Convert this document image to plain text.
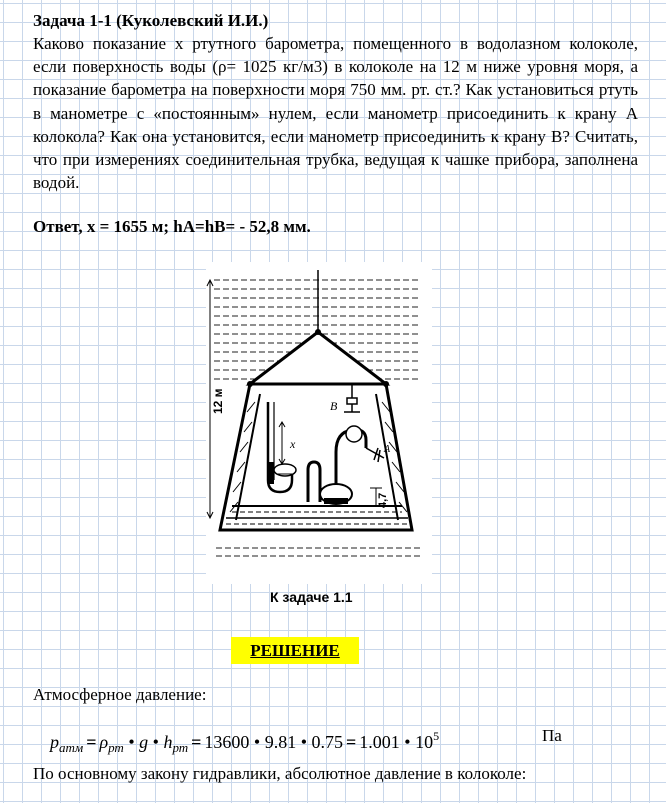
Задача 1-1 (Куколевский И.И.)
Каково показание x ртутного барометра, помещенного в водолазном колоколе, если поверхность воды (ρ= 1025 кг/м3) в колоколе на 12 м ниже уровня моря, а показание барометра на поверхности моря 750 мм. рт. ст.? Как установиться ртуть в манометре с «постоянным» нулем, если манометр присоединить к крану А колокола? Как она установится, если манометр присоединить к крану B? Считать, что при измерениях соединительная трубка, ведущая к чашке прибора, заполнена водой.
Ответ, x = 1655 м; hA=hB= - 52,8 мм.
x	A
B
4,7
12 м
К задаче 1.1
РЕШЕНИЕ
Атмосферное давление:
$p_{атм} = \rho_{рт}$ • g • $h_{рт} = 13600$ • 9.81 • 0.75 = 1.001 • $10^5$	Па
По основному закону гидравлики, абсолютное давление в колоколе:
